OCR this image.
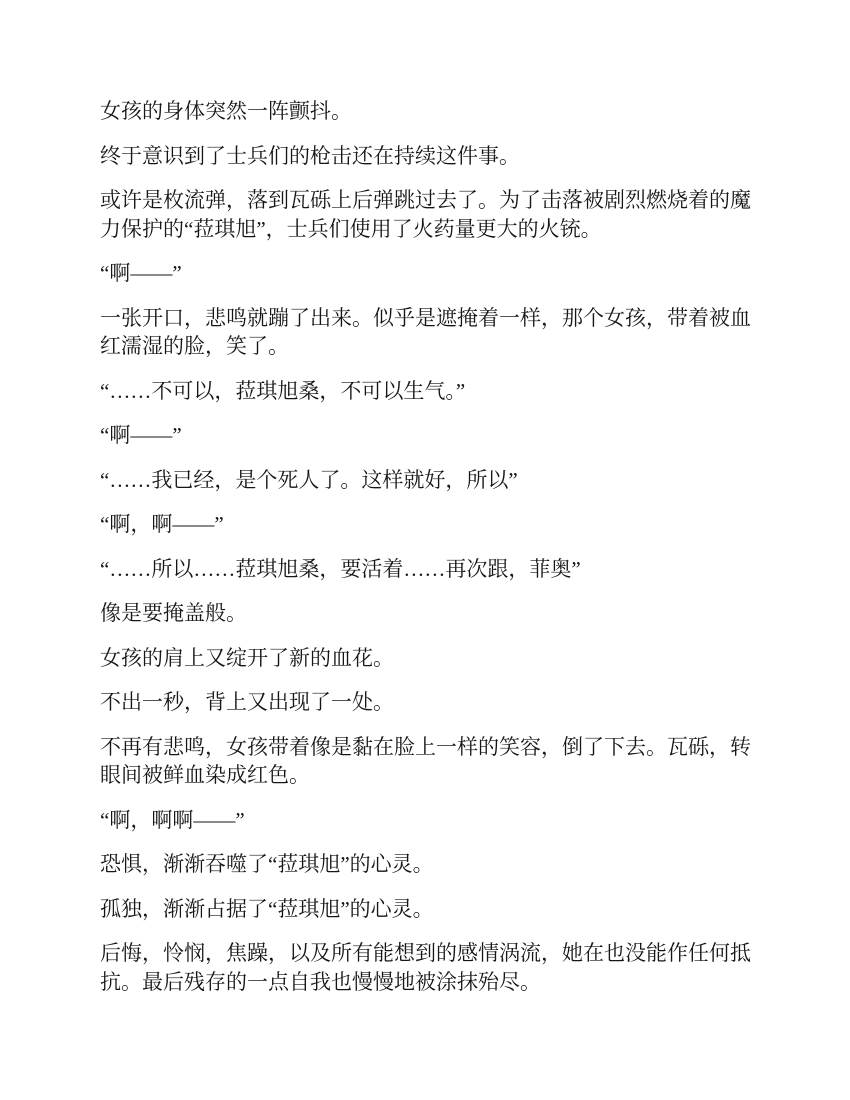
女孩的身体突然一阵颤抖。
终于意识到了士兵们的枪击还在持续这件事。
或许是枚流弹，落到瓦砾上后弹跳过去了。为了击落被剧烈燃烧着的魔
力保护的“菈琪旭”，士兵们使用了火药量更大的火铳。
“啊——”
一张开口，悲鸣就蹦了出来。似乎是遮掩着一样，那个女孩，带着被血
红濡湿的脸，笑了。
“……不可以，菈琪旭桑，不可以生气。”
“啊——”
“……我已经，是个死人了。这样就好，所以”
“啊，啊——”
“……所以……菈琪旭桑，要活着……再次跟，菲奥”
像是要掩盖般。
女孩的肩上又绽开了新的血花。
不出一秒，背上又出现了一处。
不再有悲鸣，女孩带着像是黏在脸上一样的笑容，倒了下去。瓦砾，转
眼间被鲜血染成红色。
“啊，啊啊——”
恐惧，渐渐吞噬了“菈琪旭”的心灵。
孤独，渐渐占据了“菈琪旭”的心灵。
后悔，怜悯，焦躁，以及所有能想到的感情涡流，她在也没能作任何抵
抗。最后残存的一点自我也慢慢地被涂抹殆尽。
